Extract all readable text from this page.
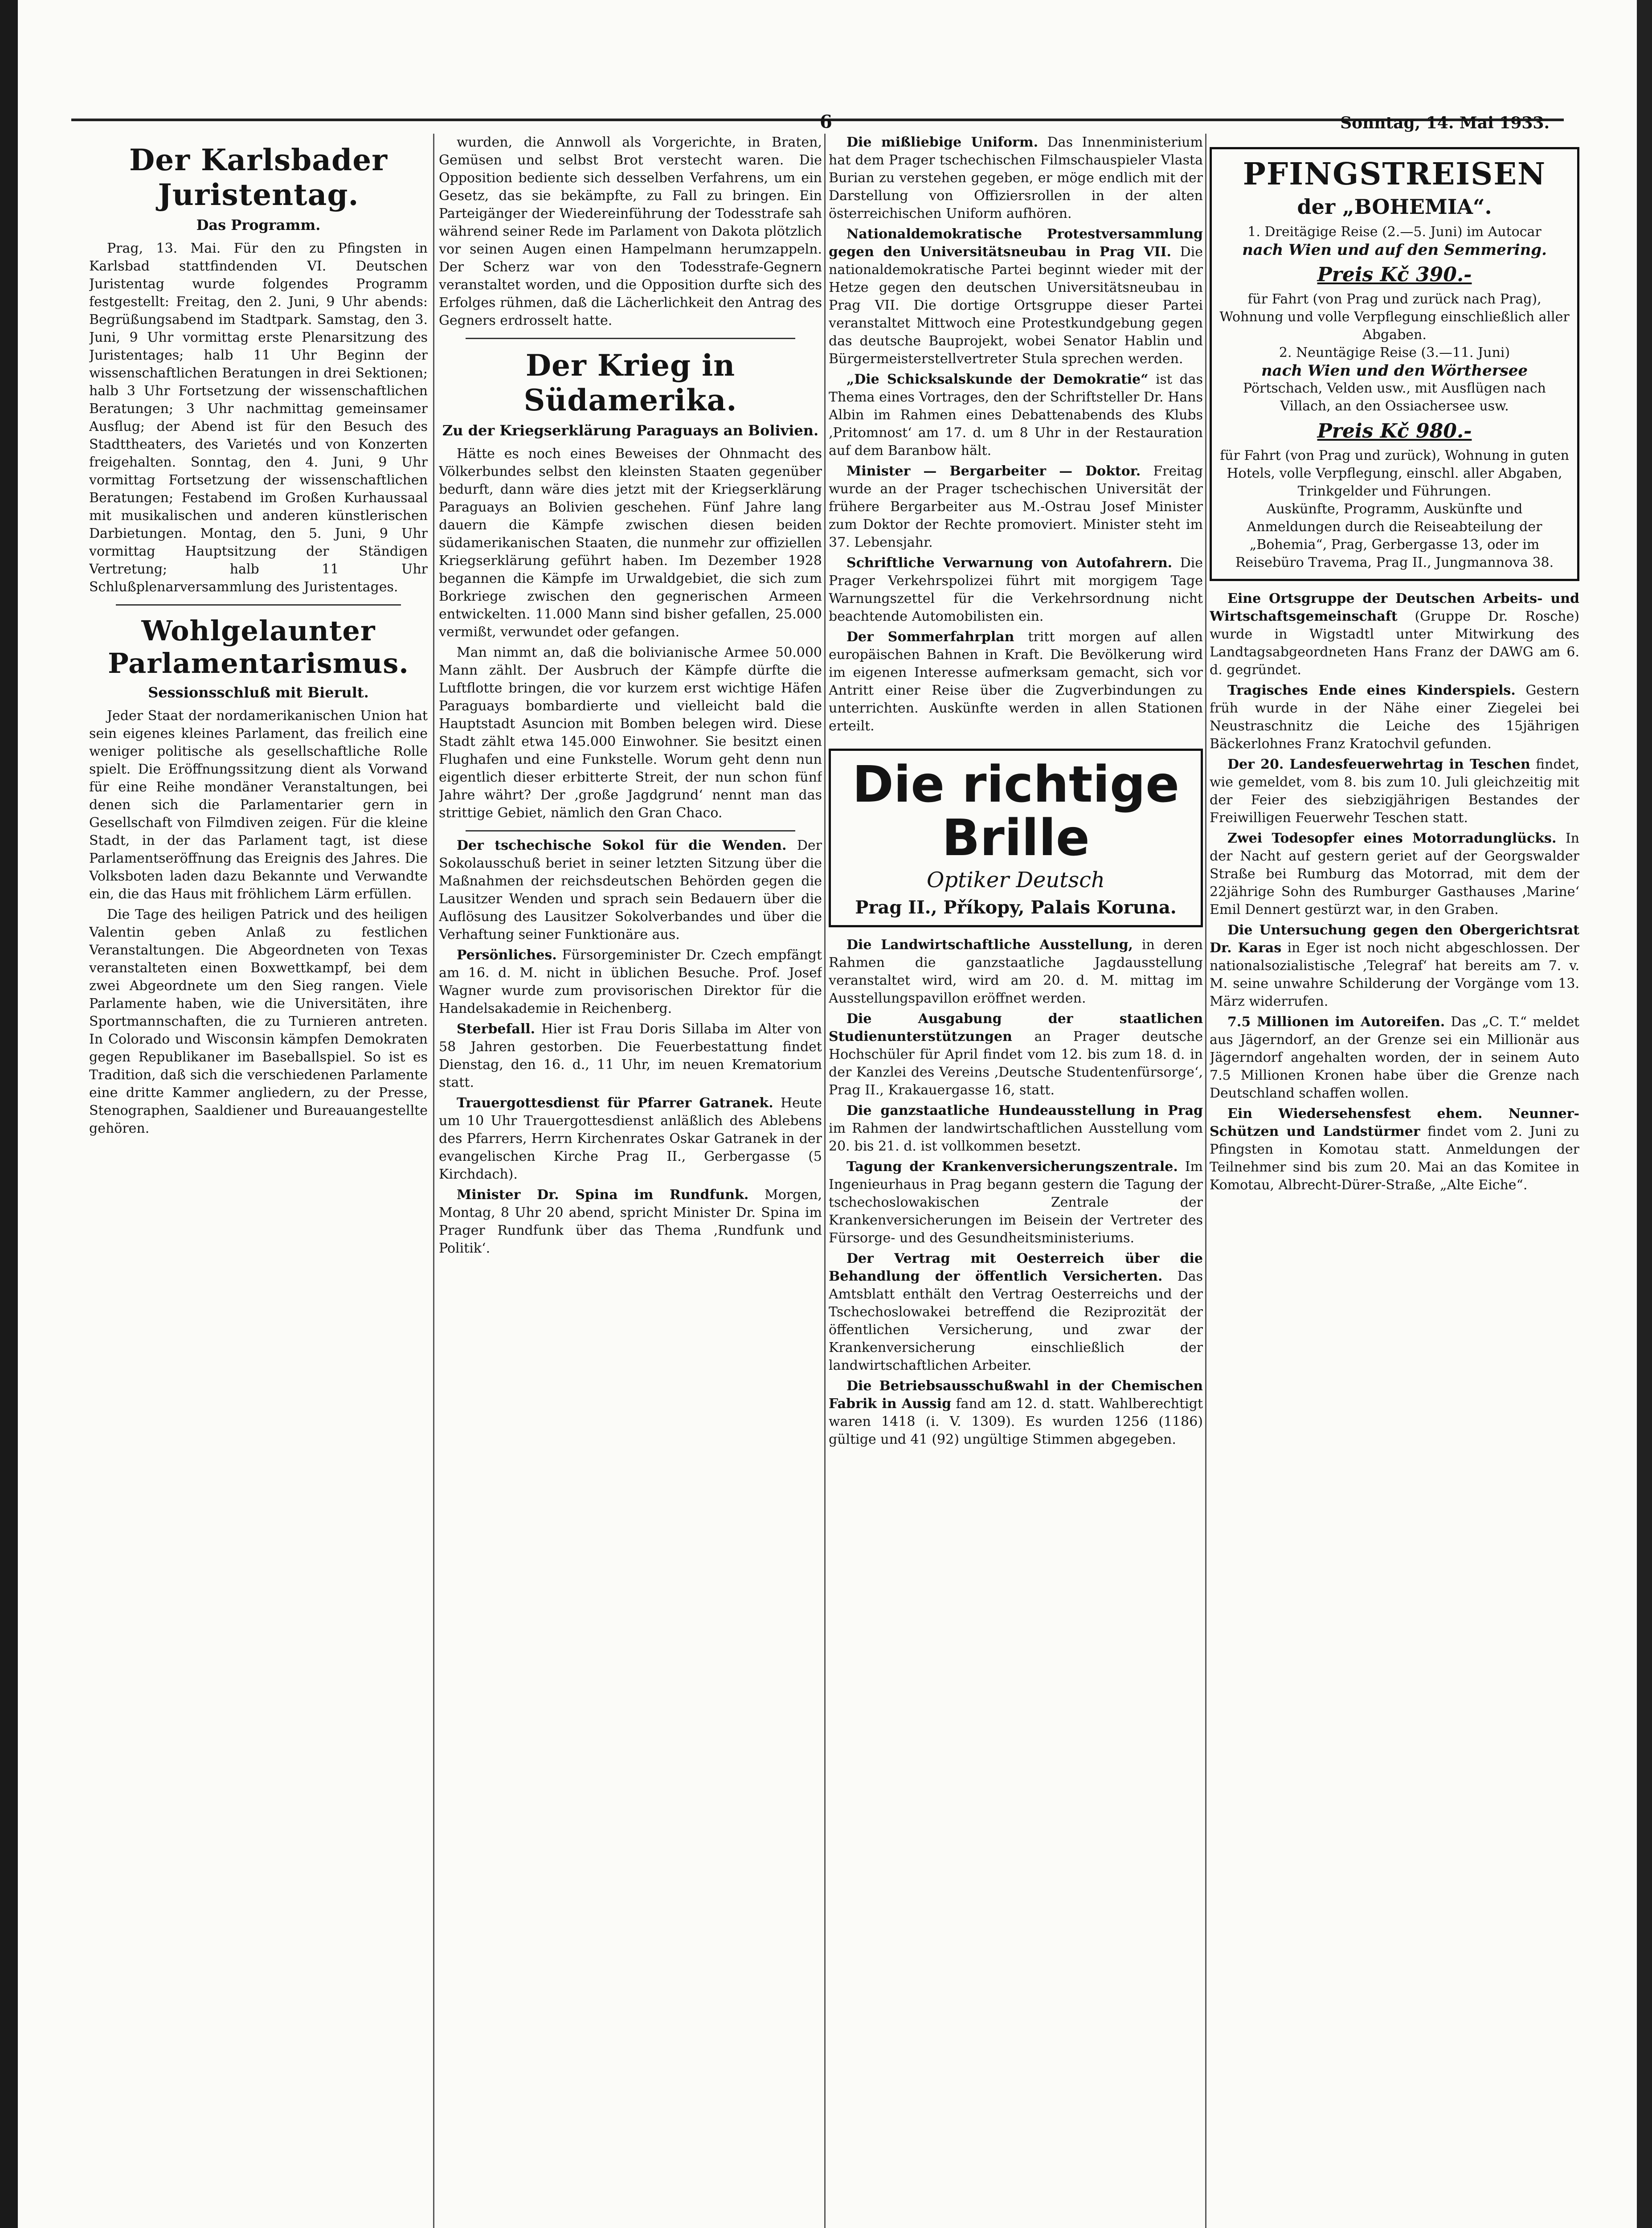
6	Sonntag, 14. Mai 1933.
Der Karlsbader Juristentag.
Das Programm.

Prag, 13. Mai. Für den zu Pfingsten in Karlsbad stattfindenden VI. Deutschen Juristentag wurde folgendes Programm festgestellt: Freitag, den 2. Juni, 9 Uhr abends: Begrüßungsabend im Stadtpark. Samstag, den 3. Juni, 9 Uhr vormittag erste Plenarsitzung des Juristentages; halb 11 Uhr Beginn der wissenschaftlichen Beratungen in drei Sektionen; halb 3 Uhr Fortsetzung der wissenschaftlichen Beratungen; 3 Uhr nachmittag gemeinsamer Ausflug; der Abend ist für den Besuch des Stadttheaters, des Varietés und von Konzerten freigehalten. Sonntag, den 4. Juni, 9 Uhr vormittag Fortsetzung der wissenschaftlichen Beratungen; Festabend im Großen Kurhaussaal mit musikalischen und anderen künstlerischen Darbietungen. Montag, den 5. Juni, 9 Uhr vormittag Hauptsitzung der Ständigen Vertretung; halb 11 Uhr Schlußplenarversammlung des Juristentages.

Wohlgelaunter Parlamentarismus.
Sessionsschluß mit Bierult.

Jeder Staat der nordamerikanischen Union hat sein eigenes kleines Parlament, das freilich eine weniger politische als gesellschaftliche Rolle spielt. Die Eröffnungssitzung dient als Vorwand für eine Reihe mondäner Veranstaltungen, bei denen sich die Parlamentarier gern in Gesellschaft von Filmdiven zeigen. Für die kleine Stadt, in der das Parlament tagt, ist diese Parlamentseröffnung das Ereignis des Jahres. Die Volksboten laden dazu Bekannte und Verwandte ein, die das Haus mit fröhlichem Lärm erfüllen.

Die Tage des heiligen Patrick und des heiligen Valentin geben Anlaß zu festlichen Veranstaltungen. Die Abgeordneten von Texas veranstalteten einen Boxwettkampf, bei dem zwei Abgeordnete um den Sieg rangen. Viele Parlamente haben, wie die Universitäten, ihre Sportmannschaften, die zu Turnieren antreten. In Colorado und Wisconsin kämpfen Demokraten gegen Republikaner im Baseballspiel. So ist es Tradition, daß sich die verschiedenen Parlamente eine dritte Kammer angliedern, zu der Presse, Stenographen, Saaldiener und Bureauangestellte gehören.

wurden, die Annwoll als Vorgerichte, in Braten, Gemüsen und selbst Brot verstecht waren. Die Opposition bediente sich desselben Verfahrens, um ein Gesetz, das sie bekämpfte, zu Fall zu bringen. Ein Parteigänger der Wiedereinführung der Todesstrafe sah während seiner Rede im Parlament von Dakota plötzlich vor seinen Augen einen Hampelmann herumzappeln. Der Scherz war von den Todesstrafe-Gegnern veranstaltet worden, und die Opposition durfte sich des Erfolges rühmen, daß die Lächerlichkeit den Antrag des Gegners erdrosselt hatte.

Der Krieg in Südamerika.
Zu der Kriegserklärung Paraguays an Bolivien.

Hätte es noch eines Beweises der Ohnmacht des Völkerbundes selbst den kleinsten Staaten gegenüber bedurft, dann wäre dies jetzt mit der Kriegserklärung Paraguays an Bolivien geschehen. Fünf Jahre lang dauern die Kämpfe zwischen diesen beiden südamerikanischen Staaten, die nunmehr zur offiziellen Kriegserklärung geführt haben. Im Dezember 1928 begannen die Kämpfe im Urwaldgebiet, die sich zum Borkriege zwischen den gegnerischen Armeen entwickelten. 11.000 Mann sind bisher gefallen, 25.000 vermißt, verwundet oder gefangen.

Man nimmt an, daß die bolivianische Armee 50.000 Mann zählt. Der Ausbruch der Kämpfe dürfte die Luftflotte bringen, die vor kurzem erst wichtige Häfen Paraguays bombardierte und vielleicht bald die Hauptstadt Asuncion mit Bomben belegen wird. Diese Stadt zählt etwa 145.000 Einwohner. Sie besitzt einen Flughafen und eine Funkstelle. Worum geht denn nun eigentlich dieser erbitterte Streit, der nun schon fünf Jahre währt? Der ‚große Jagdgrund‘ nennt man das strittige Gebiet, nämlich den Gran Chaco.

Der tschechische Sokol für die Wenden. Der Sokolausschuß beriet in seiner letzten Sitzung über die Maßnahmen der reichsdeutschen Behörden gegen die Lausitzer Wenden und sprach sein Bedauern über die Auflösung des Lausitzer Sokolverbandes und über die Verhaftung seiner Funktionäre aus.

Persönliches. Fürsorgeminister Dr. Czech empfängt am 16. d. M. nicht in üblichen Besuche. Prof. Josef Wagner wurde zum provisorischen Direktor für die Handelsakademie in Reichenberg.

Sterbefall. Hier ist Frau Doris Sillaba im Alter von 58 Jahren gestorben. Die Feuerbestattung findet Dienstag, den 16. d., 11 Uhr, im neuen Krematorium statt.

Trauergottesdienst für Pfarrer Gatranek. Heute um 10 Uhr Trauergottesdienst anläßlich des Ablebens des Pfarrers, Herrn Kirchenrates Oskar Gatranek in der evangelischen Kirche Prag II., Gerbergasse (5 Kirchdach).

Minister Dr. Spina im Rundfunk. Morgen, Montag, 8 Uhr 20 abend, spricht Minister Dr. Spina im Prager Rundfunk über das Thema ‚Rundfunk und Politik‘.

Die mißliebige Uniform. Das Innenministerium hat dem Prager tschechischen Filmschauspieler Vlasta Burian zu verstehen gegeben, er möge endlich mit der Darstellung von Offiziersrollen in der alten österreichischen Uniform aufhören.

Nationaldemokratische Protestversammlung gegen den Universitätsneubau in Prag VII. Die nationaldemokratische Partei beginnt wieder mit der Hetze gegen den deutschen Universitätsneubau in Prag VII. Die dortige Ortsgruppe dieser Partei veranstaltet Mittwoch eine Protestkundgebung gegen das deutsche Bauprojekt, wobei Senator Hablin und Bürgermeisterstellvertreter Stula sprechen werden.

„Die Schicksalskunde der Demokratie“ ist das Thema eines Vortrages, den der Schriftsteller Dr. Hans Albin im Rahmen eines Debattenabends des Klubs ‚Pritomnost‘ am 17. d. um 8 Uhr in der Restauration auf dem Baranbow hält.

Minister — Bergarbeiter — Doktor. Freitag wurde an der Prager tschechischen Universität der frühere Bergarbeiter aus M.-Ostrau Josef Minister zum Doktor der Rechte promoviert. Minister steht im 37. Lebensjahr.

Schriftliche Verwarnung von Autofahrern. Die Prager Verkehrspolizei führt mit morgigem Tage Warnungszettel für die Verkehrsordnung nicht beachtende Automobilisten ein.

Der Sommerfahrplan tritt morgen auf allen europäischen Bahnen in Kraft. Die Bevölkerung wird im eigenen Interesse aufmerksam gemacht, sich vor Antritt einer Reise über die Zugverbindungen zu unterrichten. Auskünfte werden in allen Stationen erteilt.

Die richtige Brille
Optiker Deutsch
Prag II., Příkopy, Palais Koruna.

Die Landwirtschaftliche Ausstellung, in deren Rahmen die ganzstaatliche Jagdausstellung veranstaltet wird, wird am 20. d. M. mittag im Ausstellungspavillon eröffnet werden.

Die Ausgabung der staatlichen Studienunterstützungen an Prager deutsche Hochschüler für April findet vom 12. bis zum 18. d. in der Kanzlei des Vereins ‚Deutsche Studentenfürsorge‘, Prag II., Krakauergasse 16, statt.

Die ganzstaatliche Hundeausstellung in Prag im Rahmen der landwirtschaftlichen Ausstellung vom 20. bis 21. d. ist vollkommen besetzt.

Tagung der Krankenversicherungszentrale. Im Ingenieurhaus in Prag begann gestern die Tagung der tschechoslowakischen Zentrale der Krankenversicherungen im Beisein der Vertreter des Fürsorge- und des Gesundheitsministeriums.

Der Vertrag mit Oesterreich über die Behandlung der öffentlich Versicherten. Das Amtsblatt enthält den Vertrag Oesterreichs und der Tschechoslowakei betreffend die Reziprozität der öffentlichen Versicherung, und zwar der Krankenversicherung einschließlich der landwirtschaftlichen Arbeiter.

Die Betriebsausschußwahl in der Chemischen Fabrik in Aussig fand am 12. d. statt. Wahlberechtigt waren 1418 (i. V. 1309). Es wurden 1256 (1186) gültige und 41 (92) ungültige Stimmen abgegeben.

PFINGSTREISEN
der „BOHEMIA“.
1. Dreitägige Reise (2.—5. Juni) im Autocar
nach Wien und auf den Semmering.
Preis Kč 390.-
für Fahrt (von Prag und zurück nach Prag), Wohnung und volle Verpflegung einschließlich aller Abgaben.
2. Neuntägige Reise (3.—11. Juni)
nach Wien und den Wörthersee
Pörtschach, Velden usw., mit Ausflügen nach Villach, an den Ossiachersee usw.
Preis Kč 980.-
für Fahrt (von Prag und zurück), Wohnung in guten Hotels, volle Verpflegung, einschl. aller Abgaben, Trinkgelder und Führungen.
Auskünfte, Programm, Auskünfte und Anmeldungen durch die Reiseabteilung der „Bohemia“, Prag, Gerbergasse 13, oder im Reisebüro Travema, Prag II., Jungmannova 38.

Eine Ortsgruppe der Deutschen Arbeits- und Wirtschaftsgemeinschaft (Gruppe Dr. Rosche) wurde in Wigstadtl unter Mitwirkung des Landtagsabgeordneten Hans Franz der DAWG am 6. d. gegründet.

Tragisches Ende eines Kinderspiels. Gestern früh wurde in der Nähe einer Ziegelei bei Neustraschnitz die Leiche des 15jährigen Bäckerlohnes Franz Kratochvil gefunden.

Der 20. Landesfeuerwehrtag in Teschen findet, wie gemeldet, vom 8. bis zum 10. Juli gleichzeitig mit der Feier des siebzigjährigen Bestandes der Freiwilligen Feuerwehr Teschen statt.

Zwei Todesopfer eines Motorradunglücks. In der Nacht auf gestern geriet auf der Georgswalder Straße bei Rumburg das Motorrad, mit dem der 22jährige Sohn des Rumburger Gasthauses ‚Marine‘ Emil Dennert gestürzt war, in den Graben.

Die Untersuchung gegen den Obergerichtsrat Dr. Karas in Eger ist noch nicht abgeschlossen. Der nationalsozialistische ‚Telegraf‘ hat bereits am 7. v. M. seine unwahre Schilderung der Vorgänge vom 13. März widerrufen.

7.5 Millionen im Autoreifen. Das „C. T.“ meldet aus Jägerndorf, an der Grenze sei ein Millionär aus Jägerndorf angehalten worden, der in seinem Auto 7.5 Millionen Kronen habe über die Grenze nach Deutschland schaffen wollen.

Ein Wiedersehensfest ehem. Neunner-Schützen und Landstürmer findet vom 2. Juni zu Pfingsten in Komotau statt. Anmeldungen der Teilnehmer sind bis zum 20. Mai an das Komitee in Komotau, Albrecht-Dürer-Straße, „Alte Eiche“.
